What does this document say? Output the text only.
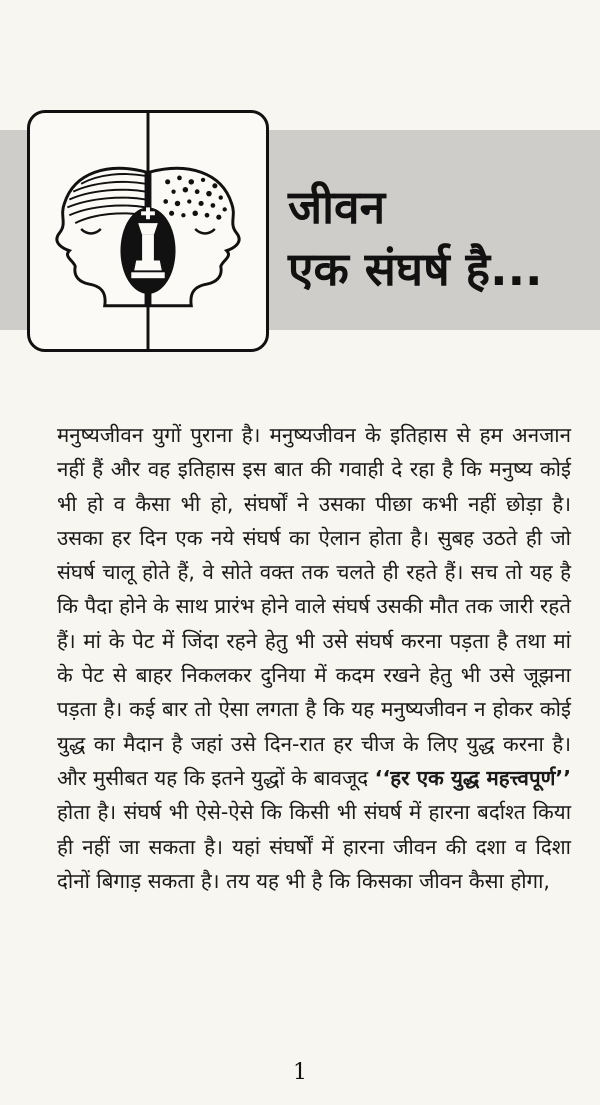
जीवन
एक संघर्ष है...
मनुष्यजीवन युगों पुराना है। मनुष्यजीवन के इतिहास से हम अनजान नहीं हैं और वह इतिहास इस बात की गवाही दे रहा है कि मनुष्य कोई भी हो व कैसा भी हो, संघर्षों ने उसका पीछा कभी नहीं छोड़ा है। उसका हर दिन एक नये संघर्ष का ऐलान होता है। सुबह उठते ही जो संघर्ष चालू होते हैं, वे सोते वक्त तक चलते ही रहते हैं। सच तो यह है कि पैदा होने के साथ प्रारंभ होने वाले संघर्ष उसकी मौत तक जारी रहते हैं। मां के पेट में जिंदा रहने हेतु भी उसे संघर्ष करना पड़ता है तथा मां के पेट से बाहर निकलकर दुनिया में कदम रखने हेतु भी उसे जूझना पड़ता है। कई बार तो ऐसा लगता है कि यह मनुष्यजीवन न होकर कोई युद्ध का मैदान है जहां उसे दिन-रात हर चीज के लिए युद्ध करना है। और मुसीबत यह कि इतने युद्धों के बावजूद ‘‘हर एक युद्ध महत्त्वपूर्ण’’ होता है। संघर्ष भी ऐसे-ऐसे कि किसी भी संघर्ष में हारना बर्दाश्त किया ही नहीं जा सकता है। यहां संघर्षों में हारना जीवन की दशा व दिशा दोनों बिगाड़ सकता है। तय यह भी है कि किसका जीवन कैसा होगा,
1
